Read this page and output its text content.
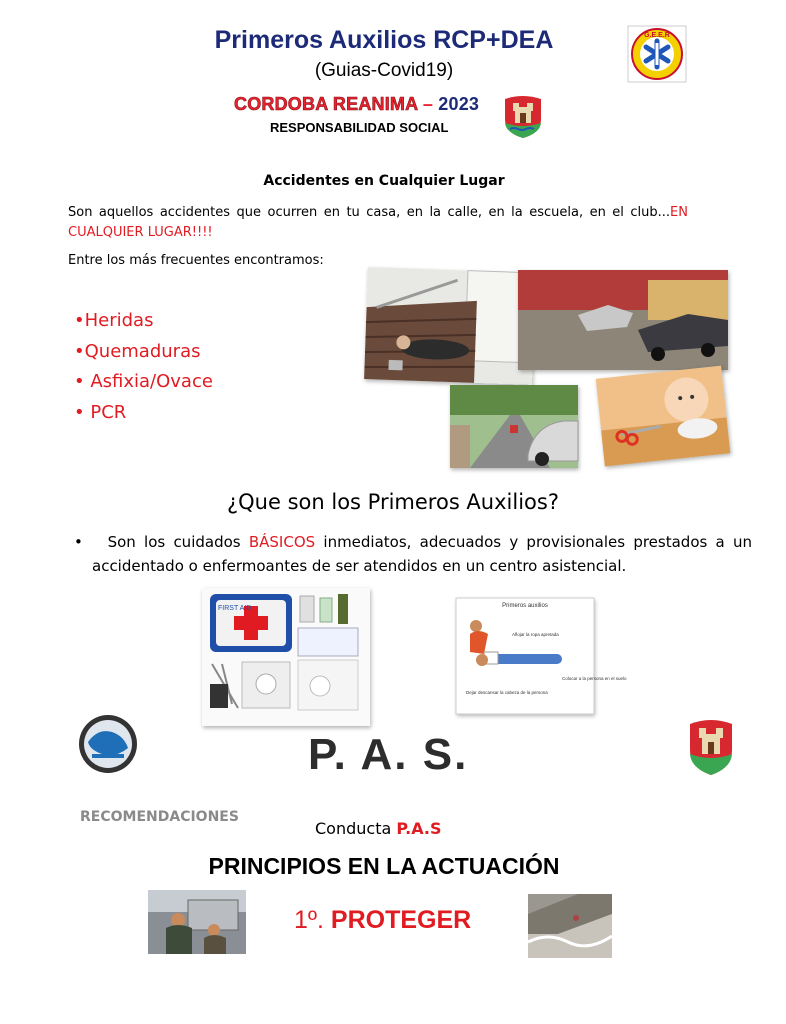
Primeros Auxilios RCP+DEA
(Guias-Covid19)
G.E.E.R
CORDOBA REANIMA – 2023
RESPONSABILIDAD SOCIAL
Accidentes en Cualquier Lugar
Son aquellos accidentes que ocurren en tu casa, en la calle, en la escuela, en el club...EN CUALQUIER LUGAR!!!!
Entre los más frecuentes encontramos:
•Heridas
•Quemaduras
• Asfixia/Ovace
• PCR
¿Que son los Primeros Auxilios?
• Son los cuidados BÁSICOS inmediatos, adecuados y provisionales prestados a un accidentado o enfermoantes de ser atendidos en un centro asistencial.
FIRST AID	Primeros auxilios
Aflojar la ropa apretada
Colocar a la persona en el suelo
Dejar descansar la cabeza de la persona
P. A. S.
RECOMENDACIONES
Conducta P.A.S
PRINCIPIOS EN LA ACTUACIÓN
1º. PROTEGER
